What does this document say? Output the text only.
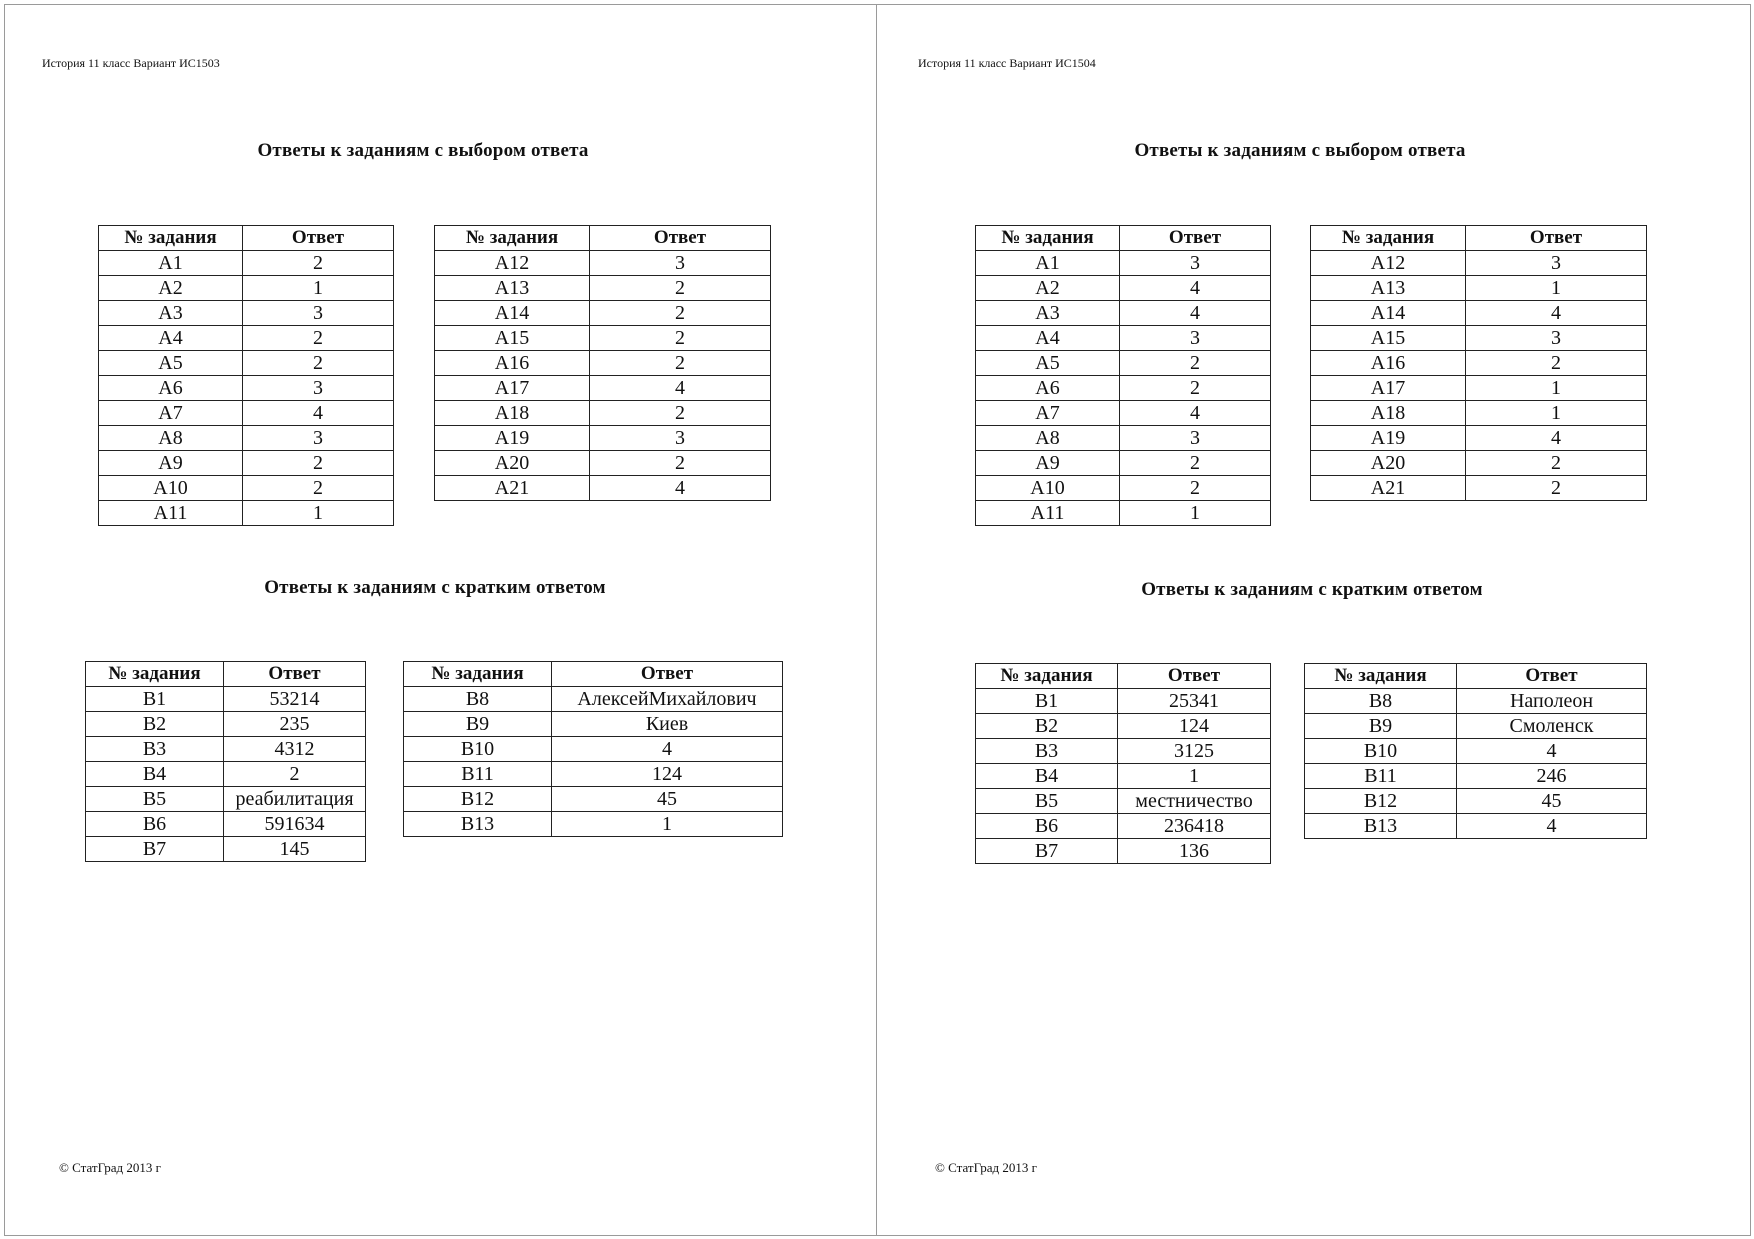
История 11 класс Вариант ИС1503
Ответы к заданиям с выбором ответа
№ задания	Ответ
А1	2
А2	1
А3	3
А4	2
А5	2
А6	3
А7	4
А8	3
А9	2
А10	2
А11	1
№ задания	Ответ
А12	3
А13	2
А14	2
А15	2
А16	2
А17	4
А18	2
А19	3
А20	2
А21	4
Ответы к заданиям с кратким ответом
№ задания	Ответ
В1	53214
В2	235
В3	4312
В4	2
В5	реабилитация
В6	591634
В7	145
№ задания	Ответ
В8	АлексейМихайлович
В9	Киев
В10	4
В11	124
В12	45
В13	1
© СтатГрад 2013 г
История 11 класс Вариант ИС1504
Ответы к заданиям с выбором ответа
№ задания	Ответ
А1	3
А2	4
А3	4
А4	3
А5	2
А6	2
А7	4
А8	3
А9	2
А10	2
А11	1
№ задания	Ответ
А12	3
А13	1
А14	4
А15	3
А16	2
А17	1
А18	1
А19	4
А20	2
А21	2
Ответы к заданиям с кратким ответом
№ задания	Ответ
В1	25341
В2	124
В3	3125
В4	1
В5	местничество
В6	236418
В7	136
№ задания	Ответ
В8	Наполеон
В9	Смоленск
В10	4
В11	246
В12	45
В13	4
© СтатГрад 2013 г
